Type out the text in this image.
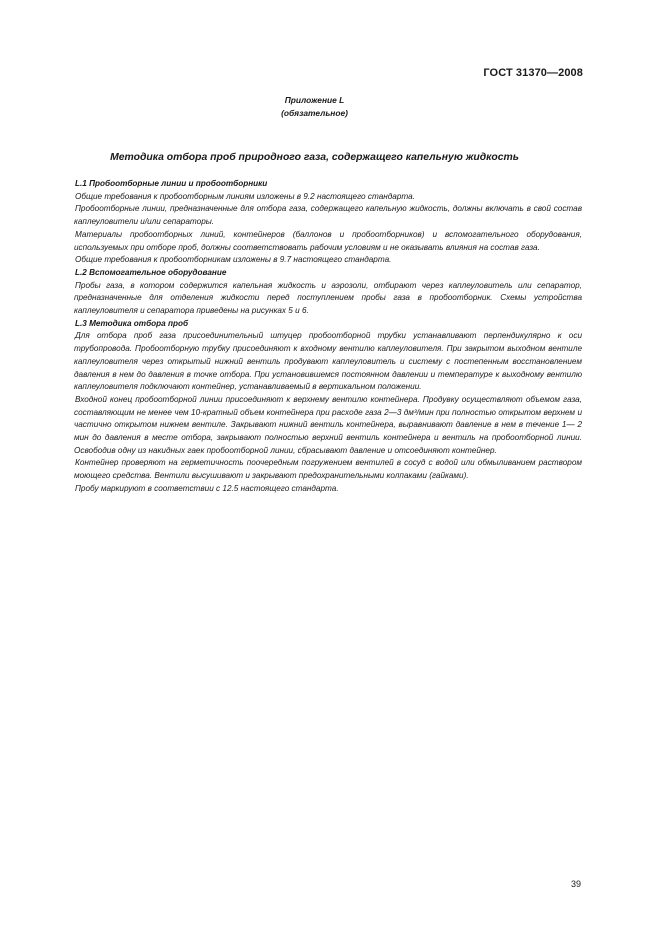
ГОСТ 31370—2008
Приложение L
(обязательное)
Методика отбора проб природного газа, содержащего капельную жидкость

L.1 Пробоотборные линии и пробоотборники

Общие требования к пробоотборным линиям изложены в 9.2 настоящего стандарта.

Пробоотборные линии, предназначенные для отбора газа, содержащего капельную жидкость, должны включать в свой состав каплеуловители и/или сепараторы.

Материалы пробоотборных линий, контейнеров (баллонов и пробоотборников) и вспомогательного оборудования, используемых при отборе проб, должны соответствовать рабочим условиям и не оказывать влияния на состав газа.

Общие требования к пробоотборникам изложены в 9.7 настоящего стандарта.

L.2 Вспомогательное оборудование

Пробы газа, в котором содержится капельная жидкость и аэрозоли, отбирают через каплеуловитель или сепаратор, предназначенные для отделения жидкости перед поступлением пробы газа в пробоотборник. Схемы устройства каплеуловителя и сепаратора приведены на рисунках 5 и 6.

L.3 Методика отбора проб

Для отбора проб газа присоединительный штуцер пробоотборной трубки устанавливают перпендикулярно к оси трубопровода. Пробоотборную трубку присоединяют к входному вентилю каплеуловителя. При закрытом выходном вентиле каплеуловителя через открытый нижний вентиль продувают каплеуловитель и систему с постепенным восстановлением давления в нем до давления в точке отбора. При установившемся постоянном давлении и температуре к выходному вентилю каплеуловителя подключают контейнер, устанавливаемый в вертикальном положении.

Входной конец пробоотборной линии присоединяют к верхнему вентилю контейнера. Продувку осуществляют объемом газа, составляющим не менее чем 10-кратный объем контейнера при расходе газа 2—3 дм³/мин при полностью открытом верхнем и частично открытом нижнем вентиле. Закрывают нижний вентиль контейнера, выравнивают давление в нем в течение 1— 2 мин до давления в месте отбора, закрывают полностью верхний вентиль контейнера и вентиль на пробоотборной линии. Освободив одну из накидных гаек пробоотборной линии, сбрасывают давление и отсоединяют контейнер.

Контейнер проверяют на герметичность поочередным погружением вентилей в сосуд с водой или обмыливанием раствором моющего средства. Вентили высушивают и закрывают предохранительными колпаками (гайками).

Пробу маркируют в соответствии с 12.5 настоящего стандарта.

39
